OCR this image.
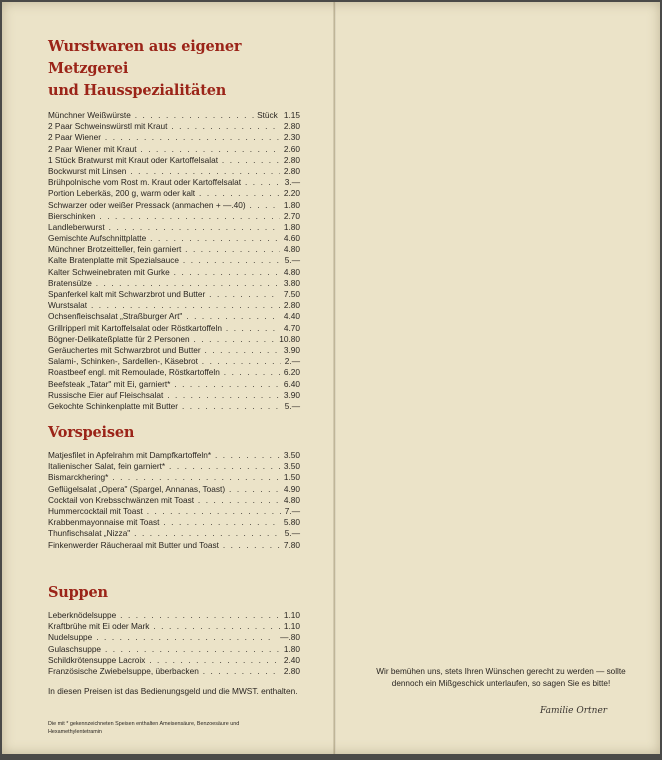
Wurstwaren aus eigener Metzgerei
und Hausspezialitäten
Münchner Weißwürste . . .	Stück 1.15
2 Paar Schweinswürstl mit Kraut . . .	2.80
2 Paar Wiener . . .	2.30
2 Paar Wiener mit Kraut . . .	2.60
1 Stück Bratwurst mit Kraut oder Kartoffelsalat . . .	2.80
Bockwurst mit Linsen . . .	2.80
Brühpolnische vom Rost m. Kraut oder Kartoffelsalat . . .	3.—
Portion Leberkäs, 200 g, warm oder kalt . . .	2.20
Schwarzer oder weißer Pressack (anmachen + —.40) . . .	1.80
Bierschinken . . .	2.70
Landleberwurst . . .	1.80
Gemischte Aufschnittplatte . . .	4.60
Münchner Brotzeitteller, fein garniert . . .	4.80
Kalte Bratenplatte mit Spezialsauce . . .	5.—
Kalter Schweinebraten mit Gurke . . .	4.80
Bratensülze . . .	3.80
Spanferkel kalt mit Schwarzbrot und Butter . . .	7.50
Wurstsalat . . .	2.80
Ochsenfleischsalat „Straßburger Art" . . .	4.40
Grillripperl mit Kartoffelsalat oder Röstkartoffeln . . .	4.70
Bögner-Delikateßplatte für 2 Personen . . .	10.80
Geräuchertes mit Schwarzbrot und Butter . . .	3.90
Salami-, Schinken-, Sardellen-, Käsebrot . . .	2.—
Roastbeef engl. mit Remoulade, Röstkartoffeln . . .	6.20
Beefsteak „Tatar" mit Ei, garniert* . . .	6.40
Russische Eier auf Fleischsalat . . .	3.90
Gekochte Schinkenplatte mit Butter . . .	5.—
Vorspeisen
Matjesfilet in Apfelrahm mit Dampfkartoffeln* . . .	3.50
Italienischer Salat, fein garniert* . . .	3.50
Bismarckhering* . . .	1.50
Geflügelsalat „Opera" (Spargel, Annanas, Toast) . . .	4.90
Cocktail von Krebsschwänzen mit Toast . . .	4.80
Hummercocktail mit Toast . . .	7.—
Krabbenmayonnaise mit Toast . . .	5.80
Thunfischsalat „Nizza" . . .	5.—
Finkenwerder Räucheraal mit Butter und Toast . . .	7.80
Suppen
Leberknödelsuppe . . .	1.10
Kraftbrühe mit Ei oder Mark . . .	1.10
Nudelsuppe . . .	—.80
Gulaschsuppe . . .	1.80
Schildkrötensuppe Lacroix . . .	2.40
Französische Zwiebelsuppe, überbacken . . .	2.80
In diesen Preisen ist das Bedienungsgeld und die MWST. enthalten.
Die mit * gekennzeichneten Speisen enthalten Ameisensäure, Benzoesäure und Hexamethylentetramin
Wir bemühen uns, stets Ihren Wünschen gerecht zu werden — sollte dennoch ein Mißgeschick unterlaufen, so sagen Sie es bitte!
Familie Ortner
